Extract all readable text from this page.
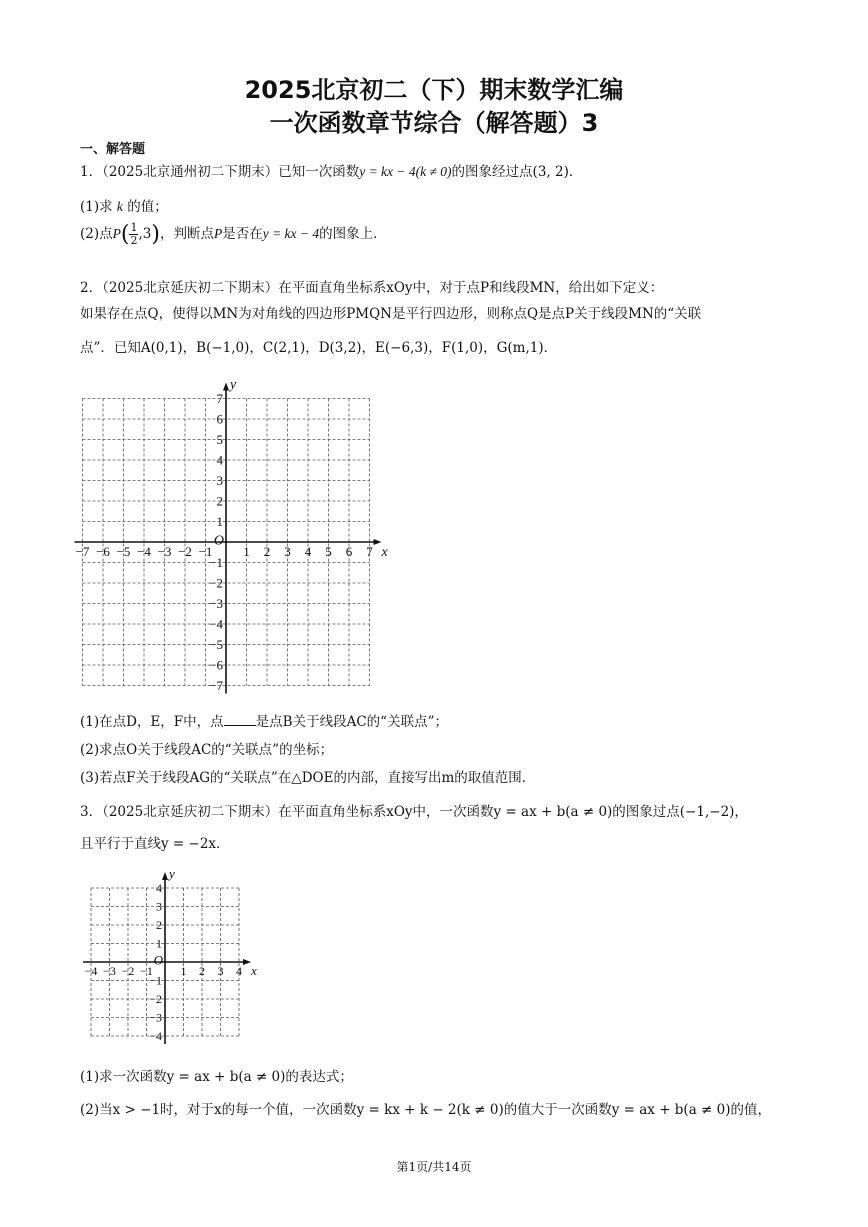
2025北京初二（下）期末数学汇编
一次函数章节综合（解答题）3
一、解答题
1．（2025北京通州初二下期末）已知一次函数y = kx − 4(k ≠ 0)的图象经过点(3, 2)．
(1)求 k 的值；
(2)点$P( \frac{1}{2} ,3)$，判断点P是否在y = kx − 4的图象上．
2．（2025北京延庆初二下期末）在平面直角坐标系xOy中，对于点P和线段MN，给出如下定义：
如果存在点Q，使得以MN为对角线的四边形PMQN是平行四边形，则称点Q是点P关于线段MN的“关联
点”．已知A(0,1)，B(−1,0)，C(2,1)，D(3,2)，E(−6,3)，F(1,0)，G(m,1)．
−7 −6 −5 −4 −3 −2 −1 1 2 3 4 5 6 7
7
6
5
4
3
2
1
−1
−2
−3
−4
−5
−6
−7
O
x
y
(1)在点D，E，F中，点 是点B关于线段AC的“关联点”；
(2)求点O关于线段AC的“关联点”的坐标；
(3)若点F关于线段AG的“关联点”在△DOE的内部，直接写出m的取值范围．
3．（2025北京延庆初二下期末）在平面直角坐标系xOy中，一次函数y = ax + b(a ≠ 0)的图象过点(−1,−2)，
且平行于直线y = −2x．
−4 −3 −2 −1 1 2 3 4
4
3
2
1
−1
−2
−3
−4
O
x
y
(1)求一次函数y = ax + b(a ≠ 0)的表达式；
(2)当x > −1时，对于x的每一个值，一次函数y = kx + k − 2(k ≠ 0)的值大于一次函数y = ax + b(a ≠ 0)的值，
第1页/共14页
